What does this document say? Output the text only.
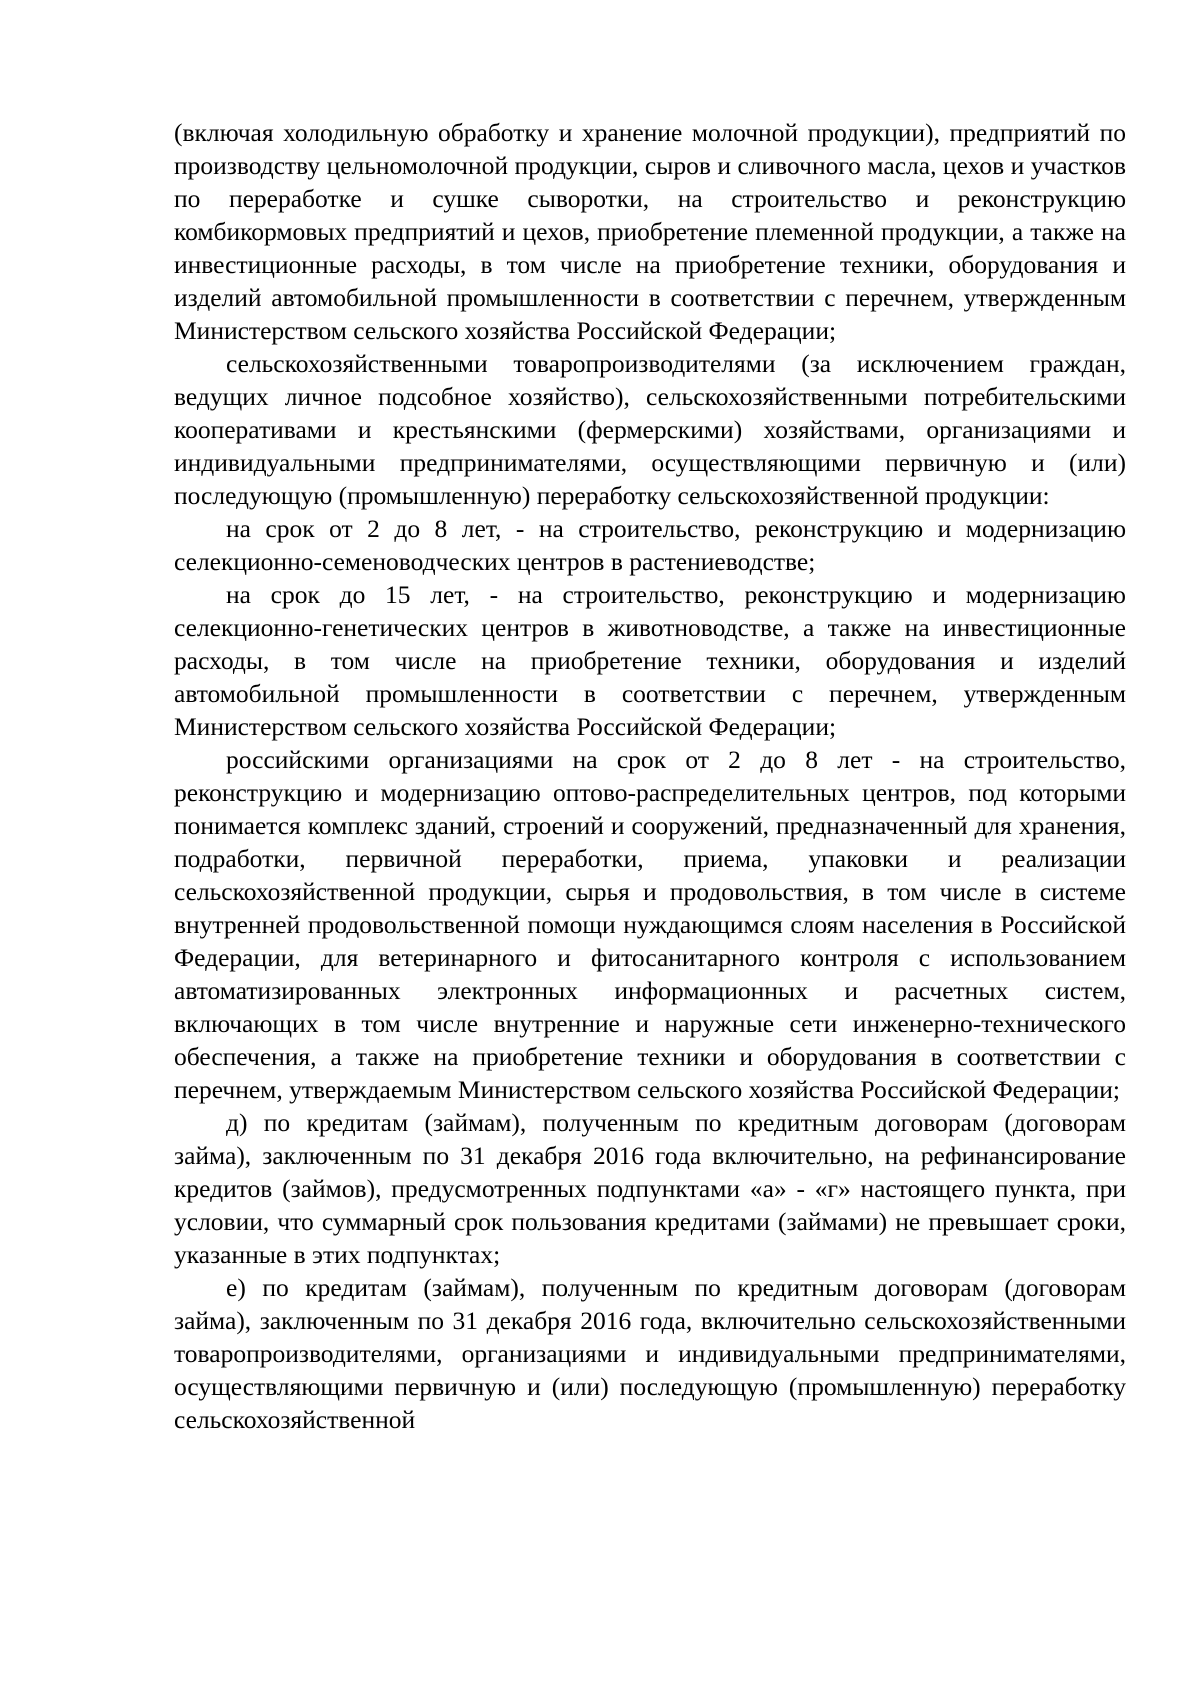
(включая холодильную обработку и хранение молочной продукции), предприятий по производству цельномолочной продукции, сыров и сливочного масла, цехов и участков по переработке и сушке сыворотки, на строительство и реконструкцию комбикормовых предприятий и цехов, приобретение племенной продукции, а также на инвестиционные расходы, в том числе на приобретение техники, оборудования и изделий автомобильной промышленности в соответствии с перечнем, утвержденным Министерством сельского хозяйства Российской Федерации;

сельскохозяйственными товаропроизводителями (за исключением граждан, ведущих личное подсобное хозяйство), сельскохозяйственными потребительскими кооперативами и крестьянскими (фермерскими) хозяйствами, организациями и индивидуальными предпринимателями, осуществляющими первичную и (или) последующую (промышленную) переработку сельскохозяйственной продукции:

на срок от 2 до 8 лет, - на строительство, реконструкцию и модернизацию селекционно-семеноводческих центров в растениеводстве;

на срок до 15 лет, - на строительство, реконструкцию и модернизацию селекционно-генетических центров в животноводстве, а также на инвестиционные расходы, в том числе на приобретение техники, оборудования и изделий автомобильной промышленности в соответствии с перечнем, утвержденным Министерством сельского хозяйства Российской Федерации;

российскими организациями на срок от 2 до 8 лет - на строительство, реконструкцию и модернизацию оптово-распределительных центров, под которыми понимается комплекс зданий, строений и сооружений, предназначенный для хранения, подработки, первичной переработки, приема, упаковки и реализации сельскохозяйственной продукции, сырья и продовольствия, в том числе в системе внутренней продовольственной помощи нуждающимся слоям населения в Российской Федерации, для ветеринарного и фитосанитарного контроля с использованием автоматизированных электронных информационных и расчетных систем, включающих в том числе внутренние и наружные сети инженерно-технического обеспечения, а также на приобретение техники и оборудования в соответствии с перечнем, утверждаемым Министерством сельского хозяйства Российской Федерации;

д) по кредитам (займам), полученным по кредитным договорам (договорам займа), заключенным по 31 декабря 2016 года включительно, на рефинансирование кредитов (займов), предусмотренных подпунктами «а» - «г» настоящего пункта, при условии, что суммарный срок пользования кредитами (займами) не превышает сроки, указанные в этих подпунктах;

е) по кредитам (займам), полученным по кредитным договорам (договорам займа), заключенным по 31 декабря 2016 года, включительно сельскохозяйственными товаропроизводителями, организациями и индивидуальными предпринимателями, осуществляющими первичную и (или) последующую (промышленную) переработку сельскохозяйственной
